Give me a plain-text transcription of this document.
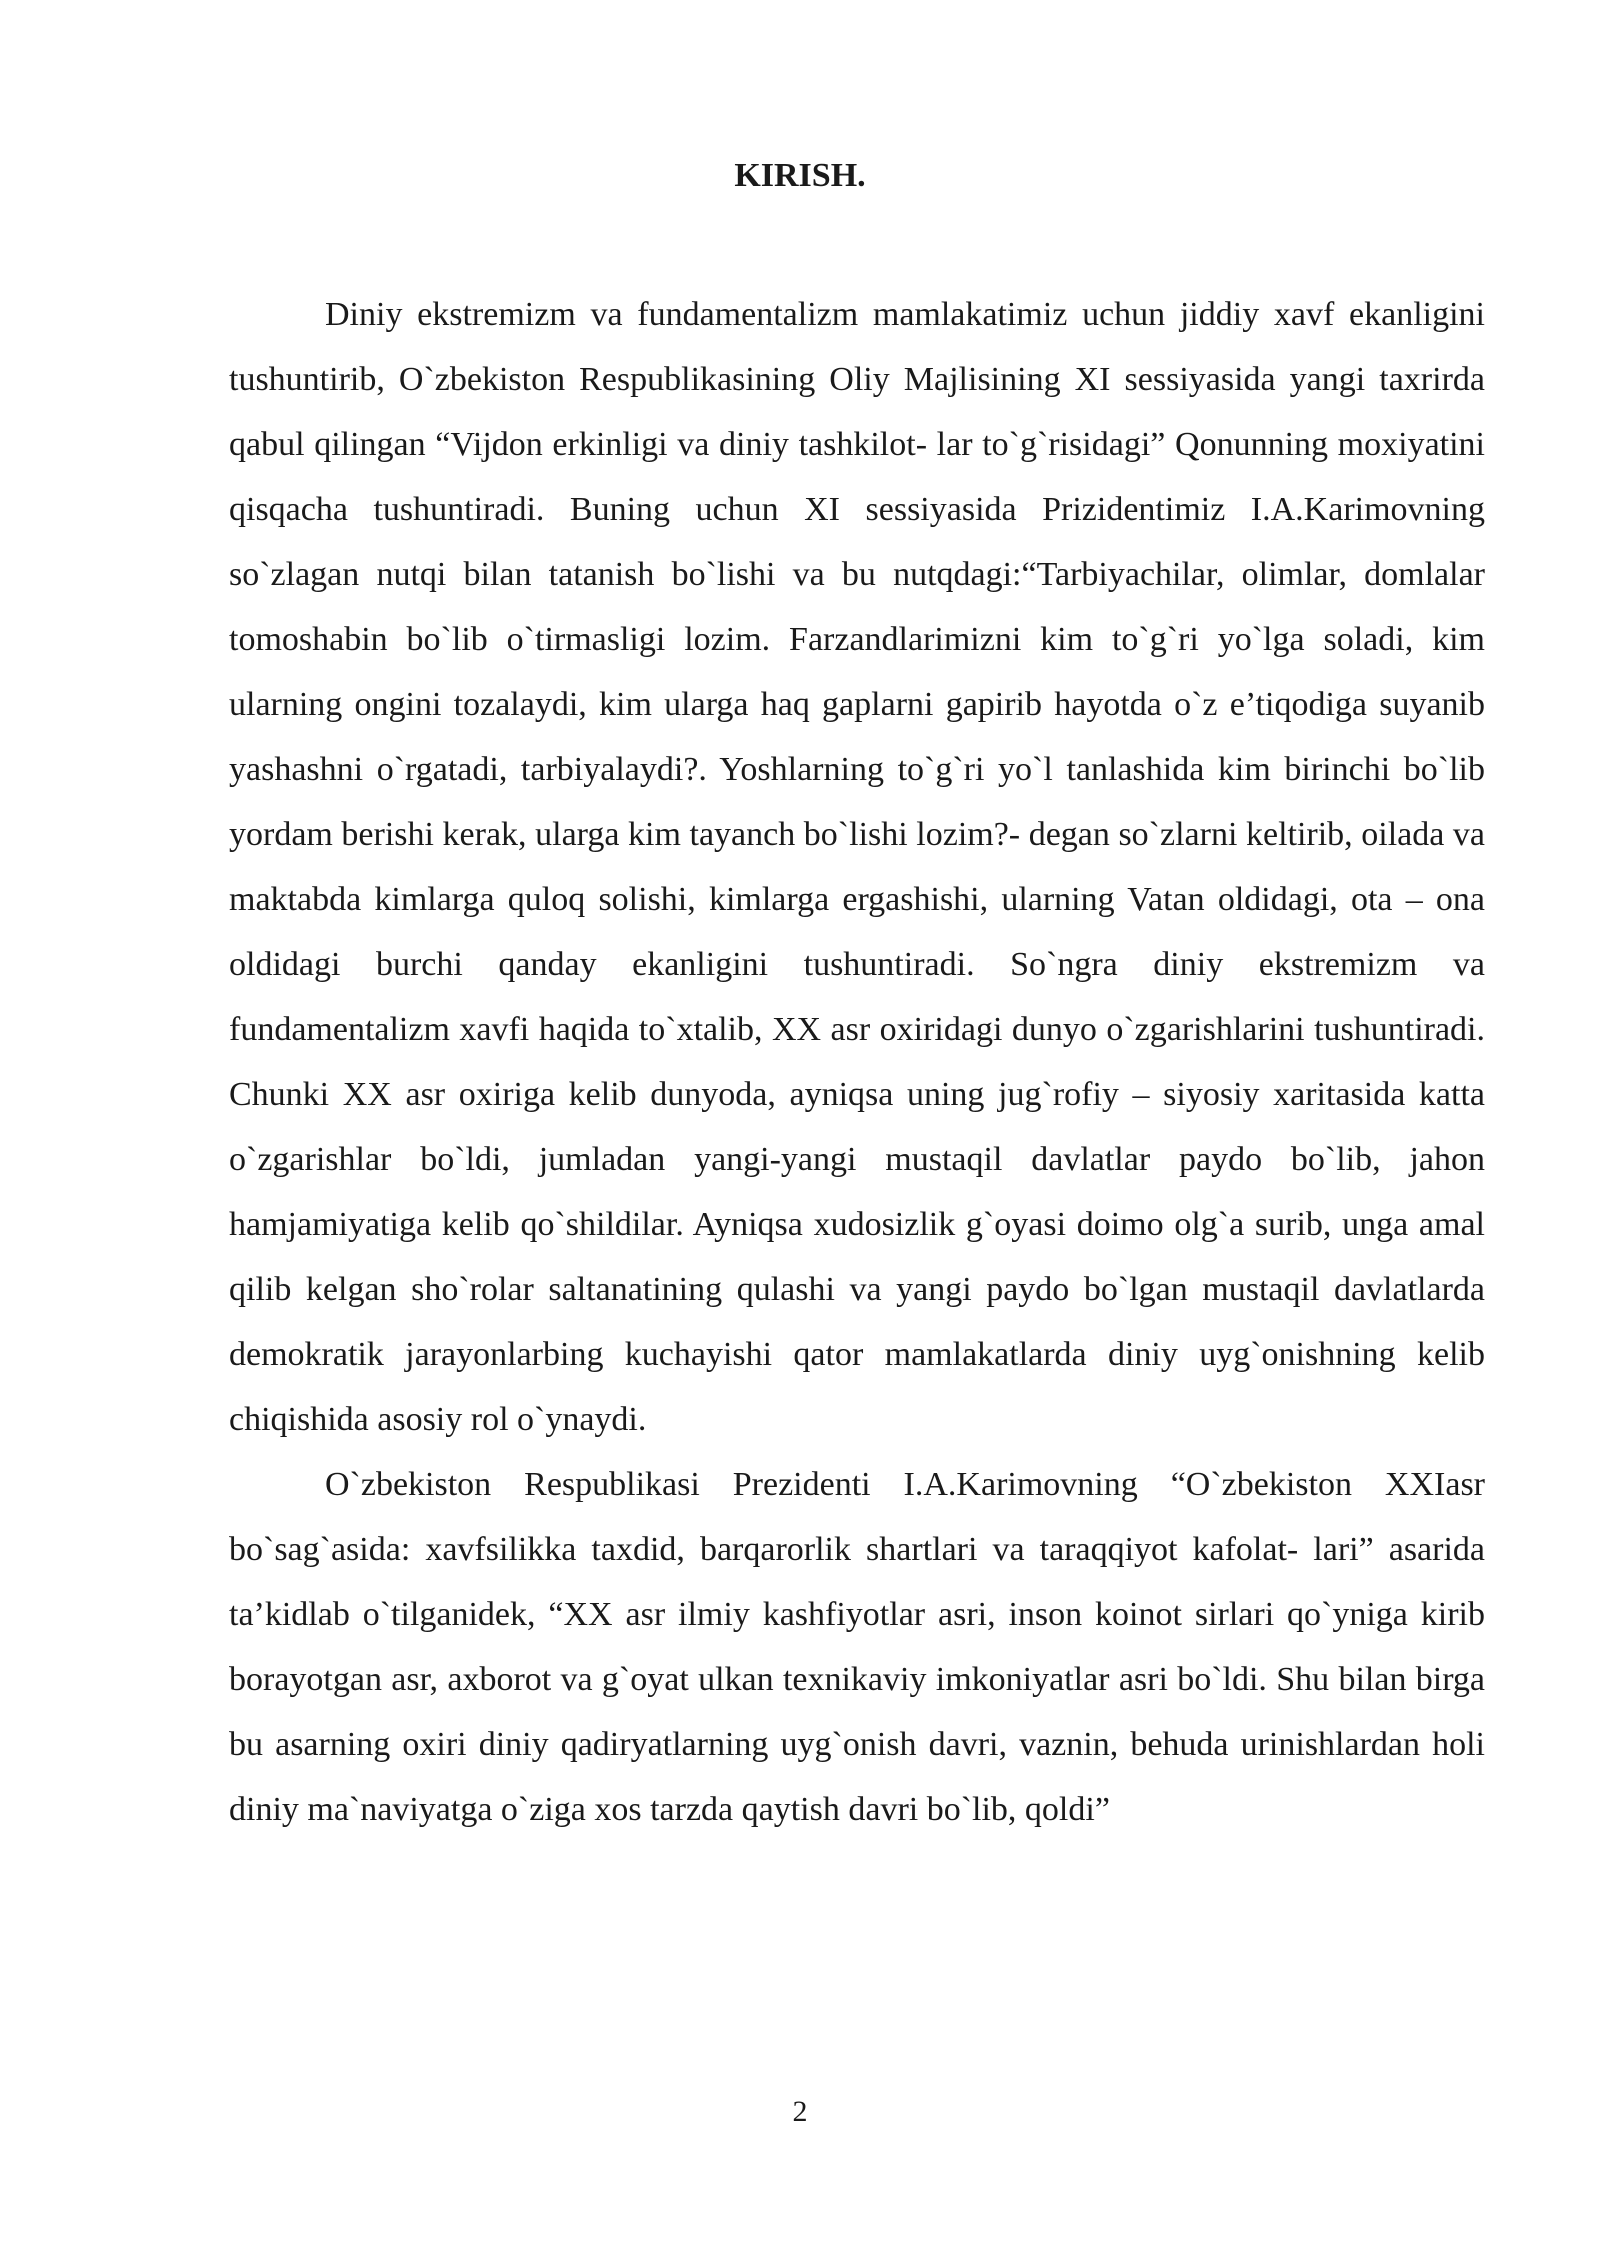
KIRISH.

Diniy ekstremizm va fundamentalizm mamlakatimiz uchun jiddiy xavf ekanligini tushuntirib, O`zbekiston Respublikasining Oliy Majlisining XI sessiyasida yangi taxrirda qabul qilingan “Vijdon erkinligi va diniy tashkilot- lar to`g`risidagi” Qonunning moxiyatini qisqacha tushuntiradi. Buning uchun XI sessiyasida Prizidentimiz I.A.Karimovning so`zlagan nutqi bilan tatanish bo`lishi va bu nutqdagi:“Tarbiyachilar, olimlar, domlalar tomoshabin bo`lib o`tirmasligi lozim. Farzandlarimizni kim to`g`ri yo`lga soladi, kim ularning ongini tozalaydi, kim ularga haq gaplarni gapirib hayotda o`z e’tiqodiga suyanib yashashni o`rgatadi, tarbiyalaydi?. Yoshlarning to`g`ri yo`l tanlashida kim birinchi bo`lib yordam berishi kerak, ularga kim tayanch bo`lishi lozim?- degan so`zlarni keltirib, oilada va maktabda kimlarga quloq solishi, kimlarga ergashishi, ularning Vatan oldidagi, ota – ona oldidagi burchi qanday ekanligini tushuntiradi. So`ngra diniy ekstremizm va fundamentalizm xavfi haqida to`xtalib, XX asr oxiridagi dunyo o`zgarishlarini tushuntiradi. Chunki XX asr oxiriga kelib dunyoda, ayniqsa uning jug`rofiy – siyosiy xaritasida katta o`zgarishlar bo`ldi, jumladan yangi-yangi mustaqil davlatlar paydo bo`lib, jahon hamjamiyatiga kelib qo`shildilar. Ayniqsa xudosizlik g`oyasi doimo olg`a surib, unga amal qilib kelgan sho`rolar saltanatining qulashi va yangi paydo bo`lgan mustaqil davlatlarda demokratik jarayonlarbing kuchayishi qator mamlakatlarda diniy uyg`onishning kelib chiqishida asosiy rol o`ynaydi.

O`zbekiston Respublikasi Prezidenti I.A.Karimovning “O`zbekiston XXIasr bo`sag`asida: xavfsilikka taxdid, barqarorlik shartlari va taraqqiyot kafolat- lari” asarida ta’kidlab o`tilganidek, “XX asr ilmiy kashfiyotlar asri, inson koinot sirlari qo`yniga kirib borayotgan asr, axborot va g`oyat ulkan texnikaviy imkoniyatlar asri bo`ldi. Shu bilan birga bu asarning oxiri diniy qadiryatlarning uyg`onish davri, vaznin, behuda urinishlardan holi diniy ma`naviyatga o`ziga xos tarzda qaytish davri bo`lib, qoldi”

2
